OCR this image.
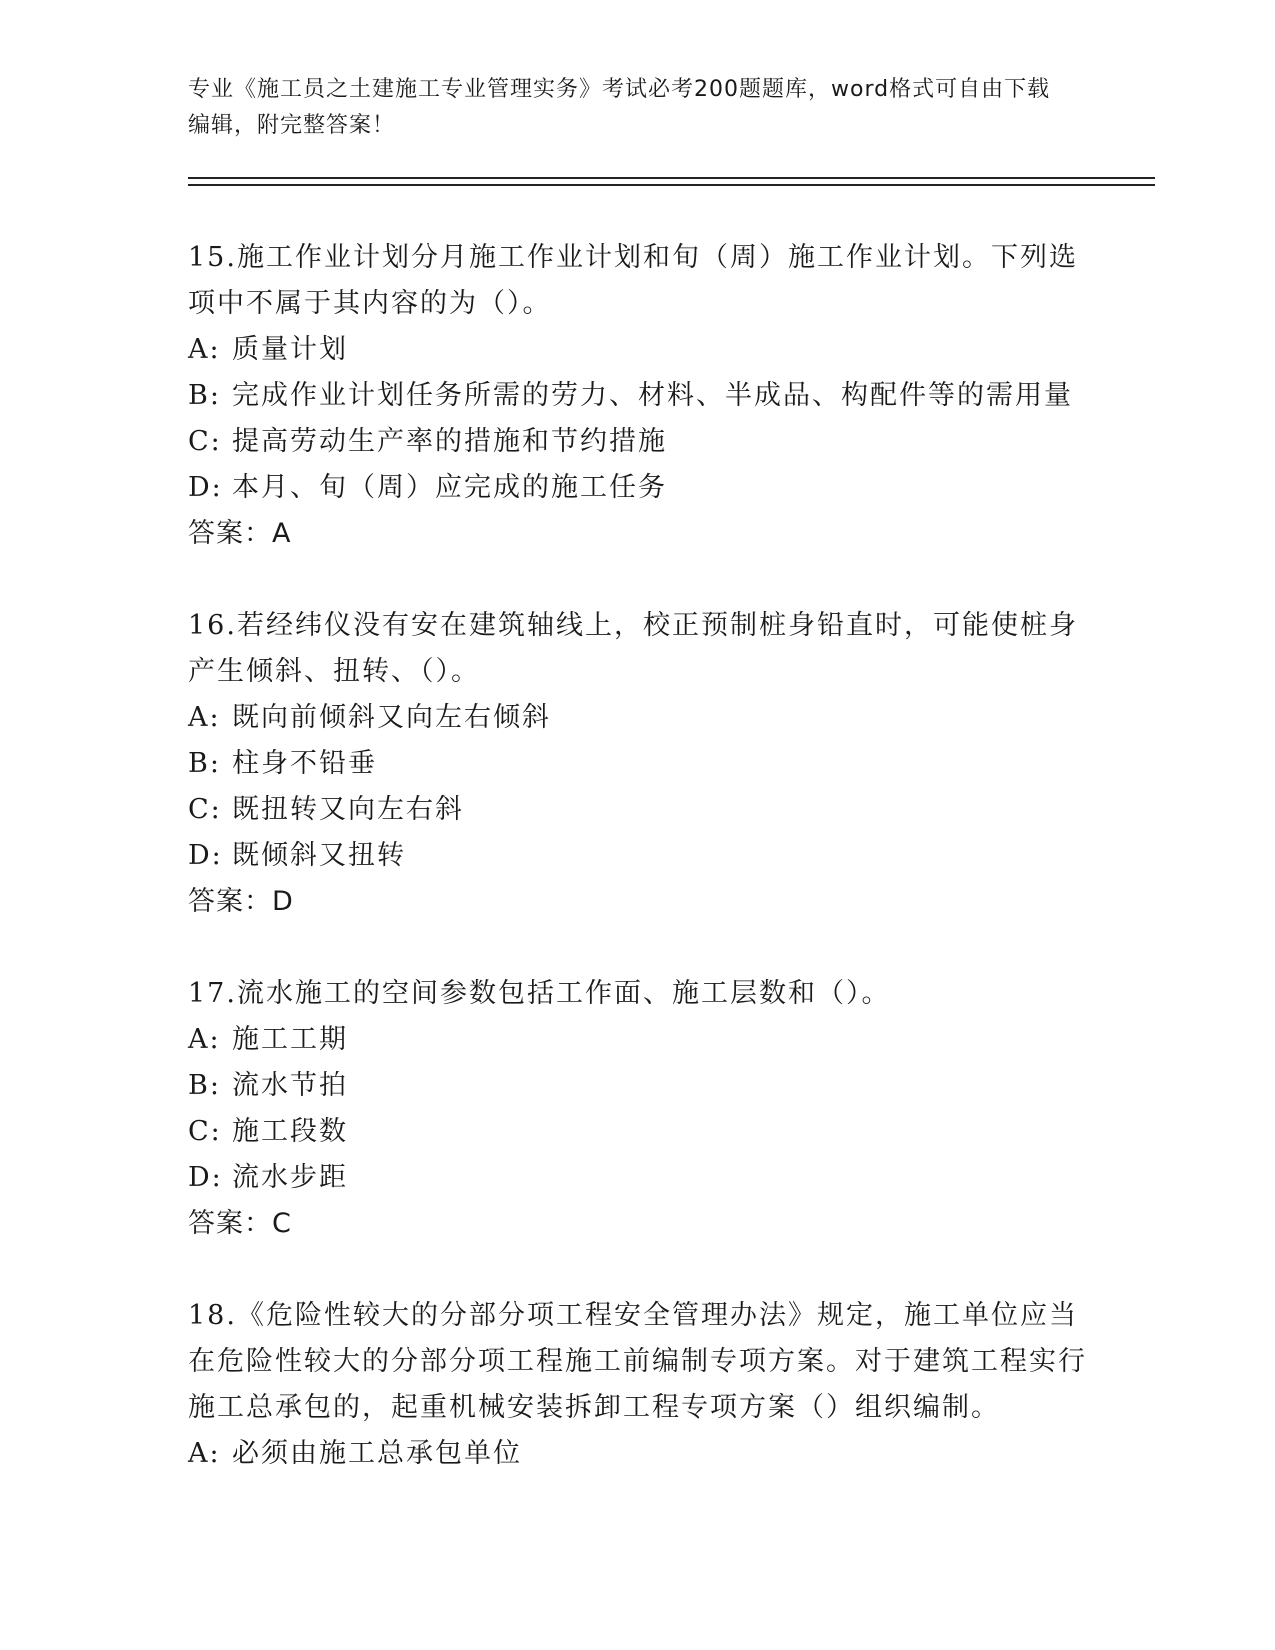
专业《施工员之土建施工专业管理实务》考试必考200题题库，word格式可自由下载编辑，附完整答案！
15.施工作业计划分月施工作业计划和旬（周）施工作业计划。下列选项中不属于其内容的为（）。
A: 质量计划
B: 完成作业计划任务所需的劳力、材料、半成品、构配件等的需用量
C: 提高劳动生产率的措施和节约措施
D: 本月、旬（周）应完成的施工任务
答案：A
16.若经纬仪没有安在建筑轴线上，校正预制桩身铅直时，可能使桩身产生倾斜、扭转、（）。
A: 既向前倾斜又向左右倾斜
B: 柱身不铅垂
C: 既扭转又向左右斜
D: 既倾斜又扭转
答案：D
17.流水施工的空间参数包括工作面、施工层数和（）。
A: 施工工期
B: 流水节拍
C: 施工段数
D: 流水步距
答案：C
18.《危险性较大的分部分项工程安全管理办法》规定，施工单位应当在危险性较大的分部分项工程施工前编制专项方案。对于建筑工程实行施工总承包的，起重机械安装拆卸工程专项方案（）组织编制。
A: 必须由施工总承包单位
